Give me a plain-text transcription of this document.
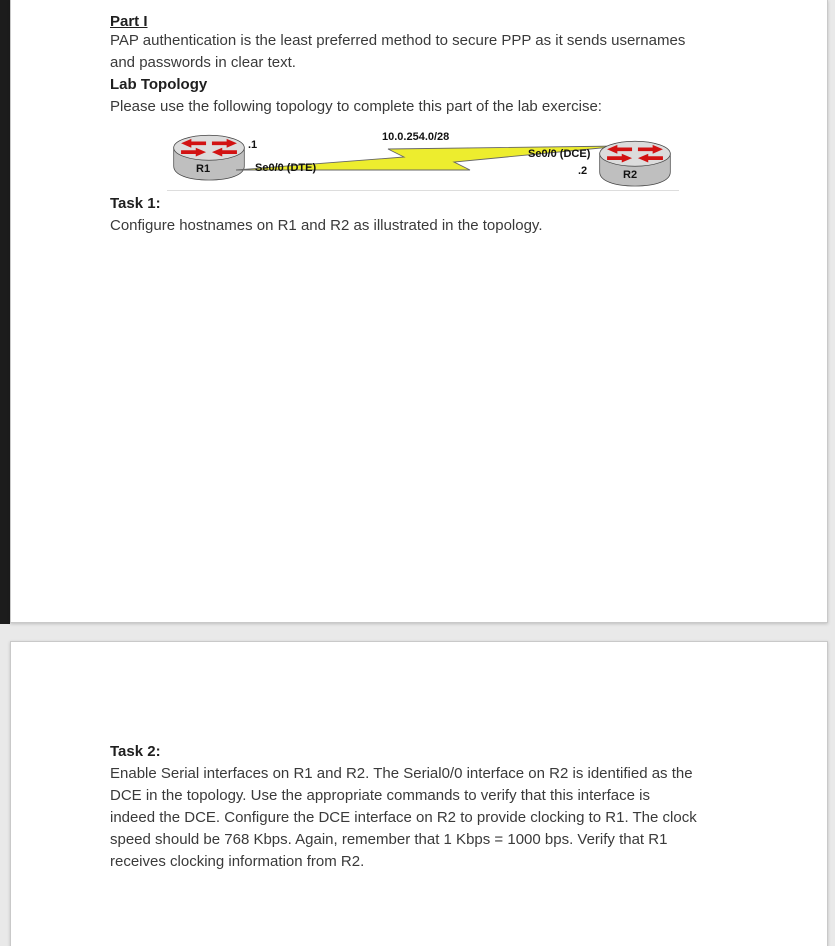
Part I

PAP authentication is the least preferred method to secure PPP as it sends usernames and passwords in clear text.

Lab Topology

Please use the following topology to complete this part of the lab exercise:

10.0.254.0/28
.1
Se0/0 (DTE)
Se0/0 (DCE)
.2
R1	R2
Task 1:

Configure hostnames on R1 and R2 as illustrated in the topology.

Task 2:

Enable Serial interfaces on R1 and R2. The Serial0/0 interface on R2 is identified as the DCE in the topology. Use the appropriate commands to verify that this interface is indeed the DCE. Configure the DCE interface on R2 to provide clocking to R1. The clock speed should be 768 Kbps. Again, remember that 1 Kbps = 1000 bps. Verify that R1 receives clocking information from R2.
